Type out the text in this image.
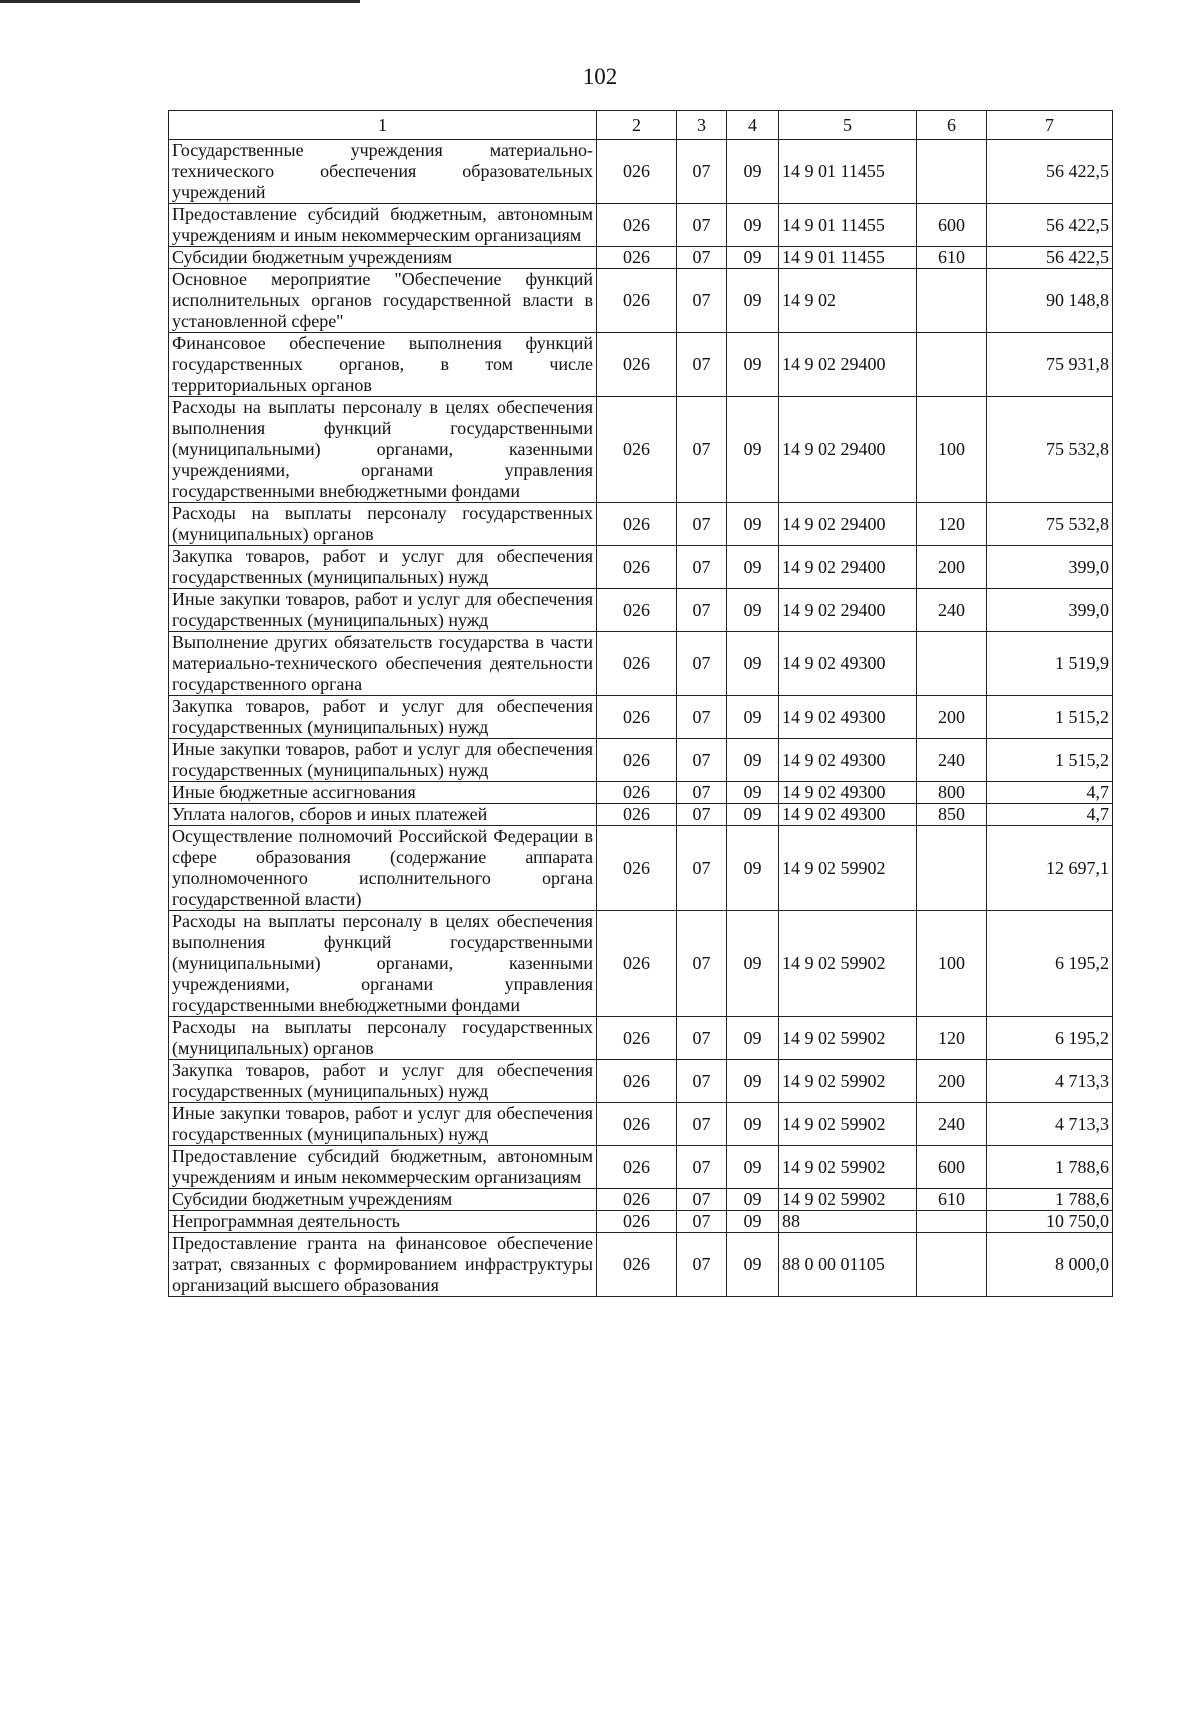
102
1	2	3	4	5	6	7
Государственные учреждения материально-технического обеспечения образовательных учреждений	026	07	09	14 9 01 11455		56 422,5
Предоставление субсидий бюджетным, автономным учреждениям и иным некоммерческим организациям	026	07	09	14 9 01 11455	600	56 422,5
Субсидии бюджетным учреждениям	026	07	09	14 9 01 11455	610	56 422,5
Основное мероприятие "Обеспечение функций исполнительных органов государственной власти в установленной сфере"	026	07	09	14 9 02		90 148,8
Финансовое обеспечение выполнения функций государственных органов, в том числе территориальных органов	026	07	09	14 9 02 29400		75 931,8
Расходы на выплаты персоналу в целях обеспечения выполнения функций государственными (муниципальными) органами, казенными учреждениями, органами управления государственными внебюджетными фондами	026	07	09	14 9 02 29400	100	75 532,8
Расходы на выплаты персоналу государственных (муниципальных) органов	026	07	09	14 9 02 29400	120	75 532,8
Закупка товаров, работ и услуг для обеспечения государственных (муниципальных) нужд	026	07	09	14 9 02 29400	200	399,0
Иные закупки товаров, работ и услуг для обеспечения государственных (муниципальных) нужд	026	07	09	14 9 02 29400	240	399,0
Выполнение других обязательств государства в части материально-технического обеспечения деятельности государственного органа	026	07	09	14 9 02 49300		1 519,9
Закупка товаров, работ и услуг для обеспечения государственных (муниципальных) нужд	026	07	09	14 9 02 49300	200	1 515,2
Иные закупки товаров, работ и услуг для обеспечения государственных (муниципальных) нужд	026	07	09	14 9 02 49300	240	1 515,2
Иные бюджетные ассигнования	026	07	09	14 9 02 49300	800	4,7
Уплата налогов, сборов и иных платежей	026	07	09	14 9 02 49300	850	4,7
Осуществление полномочий Российской Федерации в сфере образования (содержание аппарата уполномоченного исполнительного органа государственной власти)	026	07	09	14 9 02 59902		12 697,1
Расходы на выплаты персоналу в целях обеспечения выполнения функций государственными (муниципальными) органами, казенными учреждениями, органами управления государственными внебюджетными фондами	026	07	09	14 9 02 59902	100	6 195,2
Расходы на выплаты персоналу государственных (муниципальных) органов	026	07	09	14 9 02 59902	120	6 195,2
Закупка товаров, работ и услуг для обеспечения государственных (муниципальных) нужд	026	07	09	14 9 02 59902	200	4 713,3
Иные закупки товаров, работ и услуг для обеспечения государственных (муниципальных) нужд	026	07	09	14 9 02 59902	240	4 713,3
Предоставление субсидий бюджетным, автономным учреждениям и иным некоммерческим организациям	026	07	09	14 9 02 59902	600	1 788,6
Субсидии бюджетным учреждениям	026	07	09	14 9 02 59902	610	1 788,6
Непрограммная деятельность	026	07	09	88		10 750,0
Предоставление гранта на финансовое обеспечение затрат, связанных с формированием инфраструктуры организаций высшего образования	026	07	09	88 0 00 01105		8 000,0
